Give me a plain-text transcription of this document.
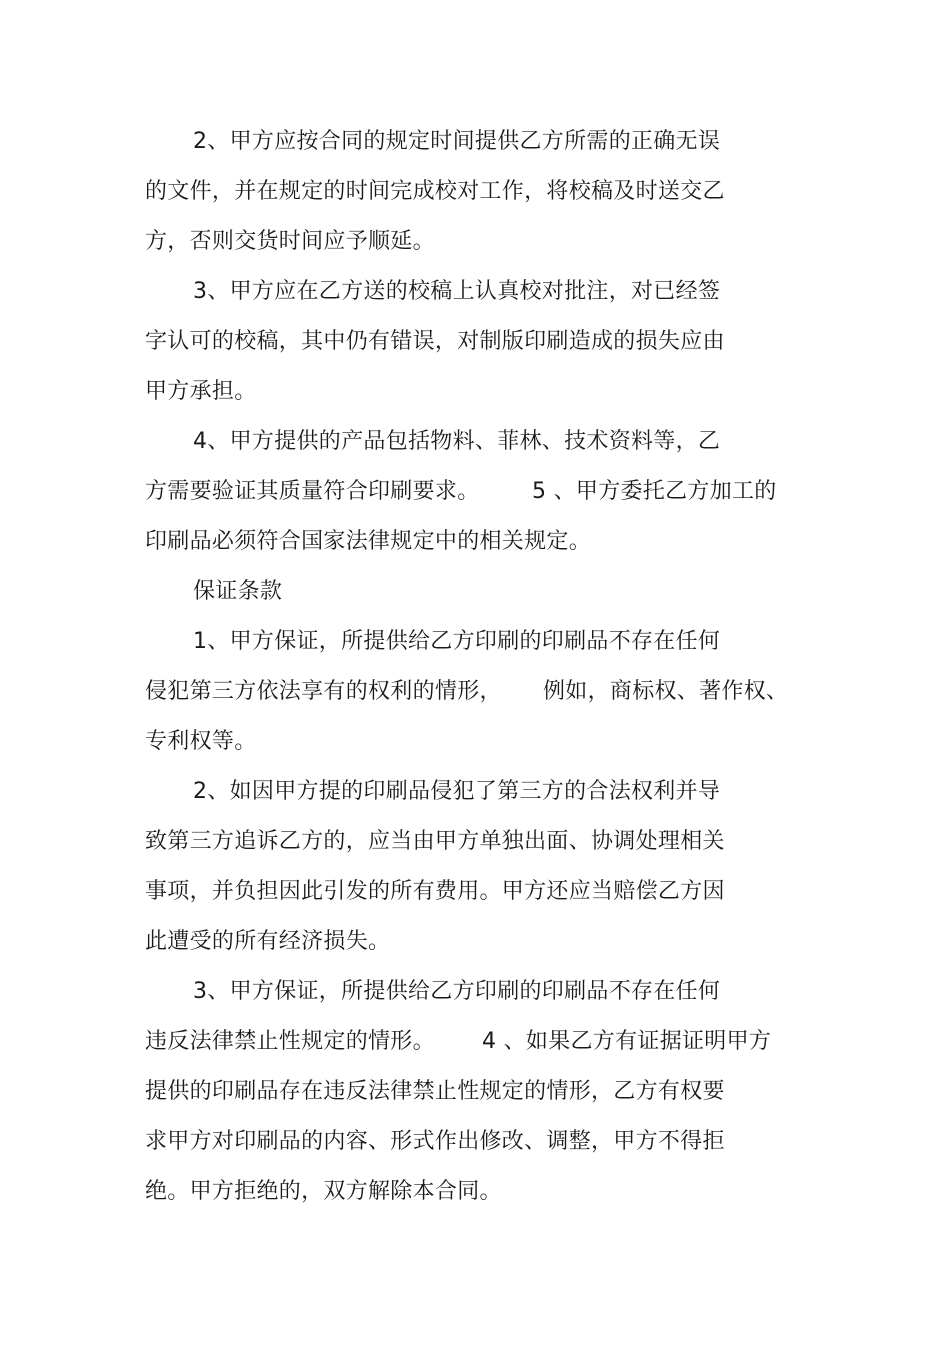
2、甲方应按合同的规定时间提供乙方所需的正确无误
的文件，并在规定的时间完成校对工作，将校稿及时送交乙
方，否则交货时间应予顺延。
3、甲方应在乙方送的校稿上认真校对批注，对已经签
字认可的校稿，其中仍有错误，对制版印刷造成的损失应由
甲方承担。
4、甲方提供的产品包括物料、菲林、技术资料等，乙
方需要验证其质量符合印刷要求。 5 、甲方委托乙方加工的
印刷品必须符合国家法律规定中的相关规定。
保证条款
1、甲方保证，所提供给乙方印刷的印刷品不存在任何
侵犯第三方依法享有的权利的情形， 例如，商标权、著作权、
专利权等。
2、如因甲方提的印刷品侵犯了第三方的合法权利并导
致第三方追诉乙方的，应当由甲方单独出面、协调处理相关
事项，并负担因此引发的所有费用。甲方还应当赔偿乙方因
此遭受的所有经济损失。
3、甲方保证，所提供给乙方印刷的印刷品不存在任何
违反法律禁止性规定的情形。 4 、如果乙方有证据证明甲方
提供的印刷品存在违反法律禁止性规定的情形，乙方有权要
求甲方对印刷品的内容、形式作出修改、调整，甲方不得拒
绝。甲方拒绝的，双方解除本合同。
